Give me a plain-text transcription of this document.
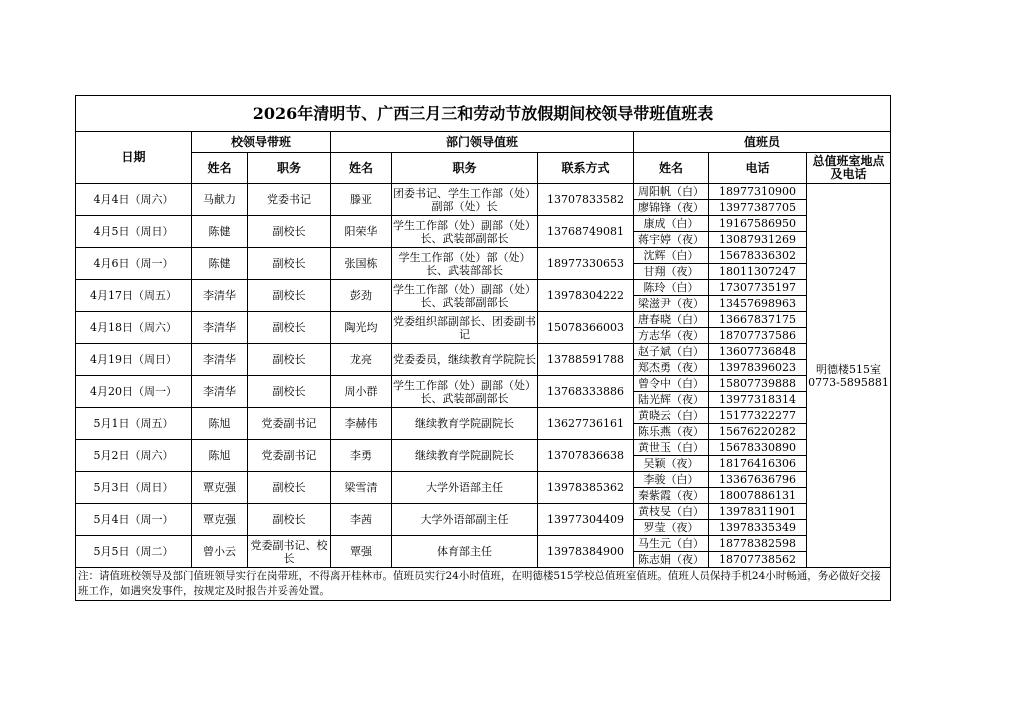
2026年清明节、广西三月三和劳动节放假期间校领导带班值班表								
日期	校领导带班		部门领导值班			值班员		
	姓名	职务	姓名	职务	联系方式	姓名	电话	总值班室地点及电话
4月4日（周六）	马献力	党委书记	滕亚	团委书记、学生工作部（处）副部（处）长	13707833582	周阳帆（白）	18977310900	明德楼515室
0773-5895881

						廖锦锋（夜）	13977387705	
4月5日（周日）	陈健	副校长	阳荣华	学生工作部（处）副部（处）长、武装部副部长	13768749081	康成（白）	19167586950	
						蒋宇婷（夜）	13087931269	
4月6日（周一）	陈健	副校长	张国栋	学生工作部（处）部（处）长、武装部部长	18977330653	沈辉（白）	15678336302	
						甘翔（夜）	18011307247	
4月17日（周五）	李清华	副校长	彭劲	学生工作部（处）副部（处）长、武装部副部长	13978304222	陈玲（白）	17307735197	
						梁滋尹（夜）	13457698963	
4月18日（周六）	李清华	副校长	陶光均	党委组织部副部长、团委副书记	15078366003	唐春晓（白）	13667837175	
						方志华（夜）	18707737586	
4月19日（周日）	李清华	副校长	龙亮	党委委员，继续教育学院院长	13788591788	赵子斌（白）	13607736848	
						郑杰勇（夜）	13978396023	
4月20日（周一）	李清华	副校长	周小群	学生工作部（处）副部（处）长、武装部副部长	13768333886	曾令中（白）	15807739888	
						陆光辉（夜）	13977318314	
5月1日（周五）	陈旭	党委副书记	李赫伟	继续教育学院副院长	13627736161	黄晓云（白）	15177322277	
						陈乐燕（夜）	15676220282	
5月2日（周六）	陈旭	党委副书记	李勇	继续教育学院副院长	13707836638	黄世玉（白）	15678330890	
						吴颖（夜）	18176416306	
5月3日（周日）	覃克强	副校长	梁雪清	大学外语部主任	13978385362	李骏（白）	13367636796	
						秦紫霞（夜）	18007886131	
5月4日（周一）	覃克强	副校长	李茜	大学外语部副主任	13977304409	黄枝旻（白）	13978311901	
						罗莹（夜）	13978335349	
5月5日（周二）	曾小云	党委副书记、校长	覃强	体育部主任	13978384900	马生元（白）	18778382598	
						陈志娟（夜）	18707738562	
注：请值班校领导及部门值班领导实行在岗带班，不得离开桂林市。值班员实行24小时值班，在明德楼515学校总值班室值班。值班人员保持手机24小时畅通，务必做好交接班工作，如遇突发事件，按规定及时报告并妥善处置。								
